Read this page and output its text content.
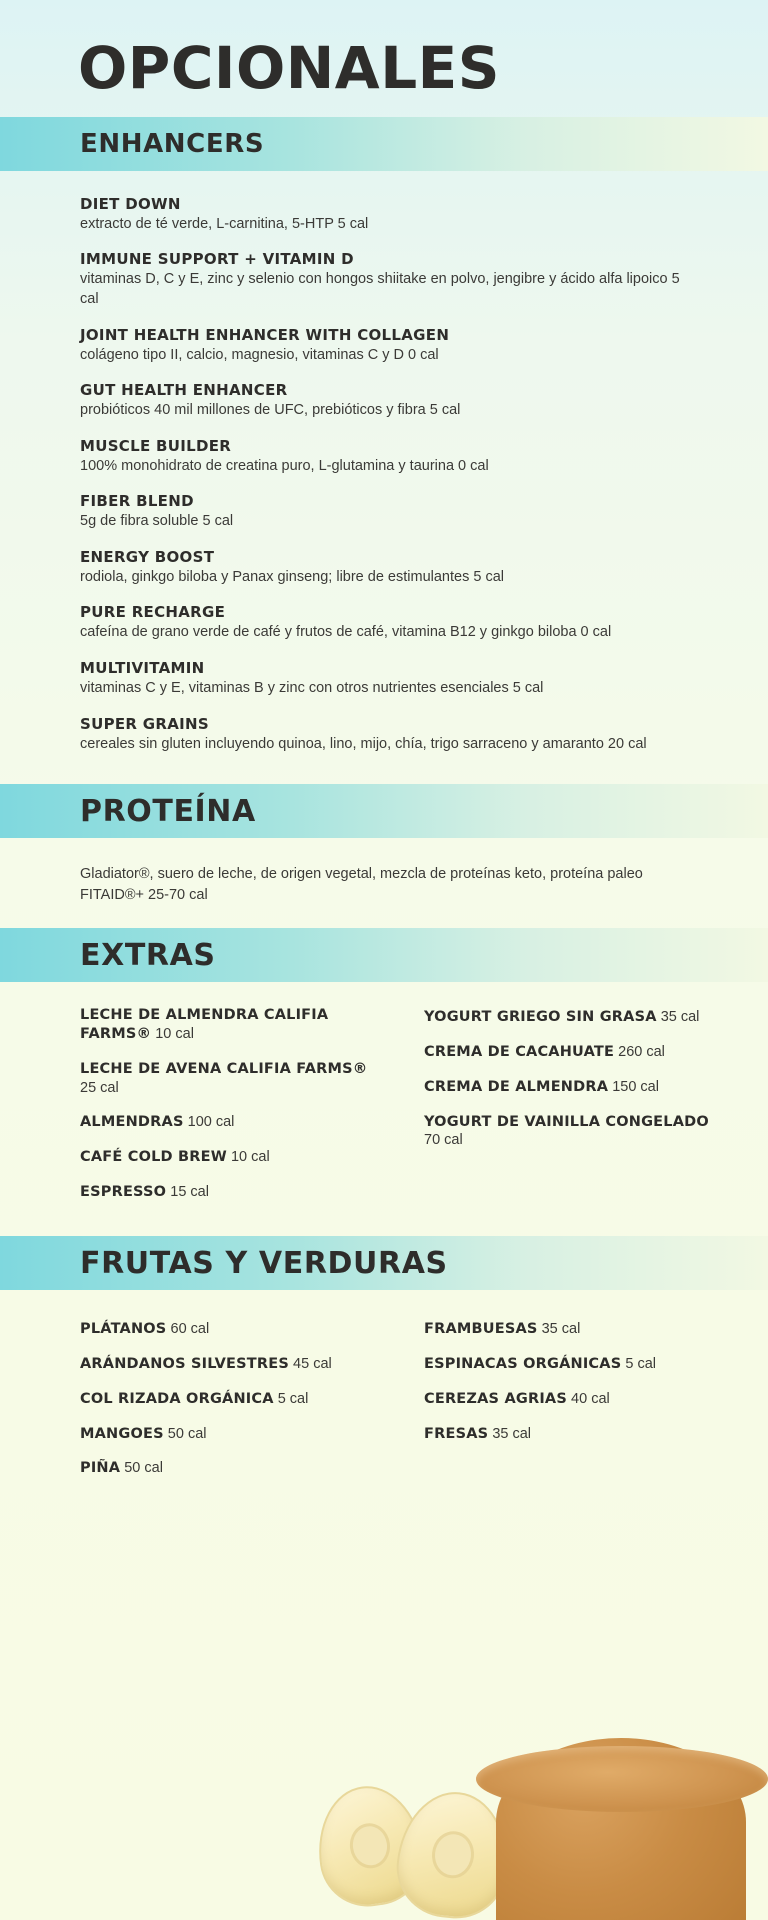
OPCIONALES
ENHANCERS
DIET DOWN
extracto de té verde, L-carnitina, 5-HTP 5 cal
IMMUNE SUPPORT + VITAMIN D
vitaminas D, C y E, zinc y selenio con hongos shiitake en polvo, jengibre y ácido alfa lipoico 5 cal
JOINT HEALTH ENHANCER WITH COLLAGEN
colágeno tipo II, calcio, magnesio, vitaminas C y D 0 cal
GUT HEALTH ENHANCER
probióticos 40 mil millones de UFC, prebióticos y fibra 5 cal
MUSCLE BUILDER
100% monohidrato de creatina puro, L-glutamina y taurina 0 cal
FIBER BLEND
5g de fibra soluble 5 cal
ENERGY BOOST
rodiola, ginkgo biloba y Panax ginseng; libre de estimulantes 5 cal
PURE RECHARGE
cafeína de grano verde de café y frutos de café, vitamina B12 y ginkgo biloba 0 cal
MULTIVITAMIN
vitaminas C y E, vitaminas B y zinc con otros nutrientes esenciales 5 cal
SUPER GRAINS
cereales sin gluten incluyendo quinoa, lino, mijo, chía, trigo sarraceno y amaranto 20 cal
PROTEÍNA
Gladiator®, suero de leche, de origen vegetal, mezcla de proteínas keto, proteína paleo FITAID®+ 25-70 cal
EXTRAS
LECHE DE ALMENDRA CALIFIA FARMS® 10 cal
LECHE DE AVENA CALIFIA FARMS® 25 cal
ALMENDRAS 100 cal
CAFÉ COLD BREW 10 cal
ESPRESSO 15 cal
YOGURT GRIEGO SIN GRASA 35 cal
CREMA DE CACAHUATE 260 cal
CREMA DE ALMENDRA 150 cal
YOGURT DE VAINILLA CONGELADO 70 cal
FRUTAS Y VERDURAS
PLÁTANOS 60 cal
ARÁNDANOS SILVESTRES 45 cal
COL RIZADA ORGÁNICA 5 cal
MANGOES 50 cal
PIÑA 50 cal
FRAMBUESAS 35 cal
ESPINACAS ORGÁNICAS 5 cal
CEREZAS AGRIAS 40 cal
FRESAS 35 cal
